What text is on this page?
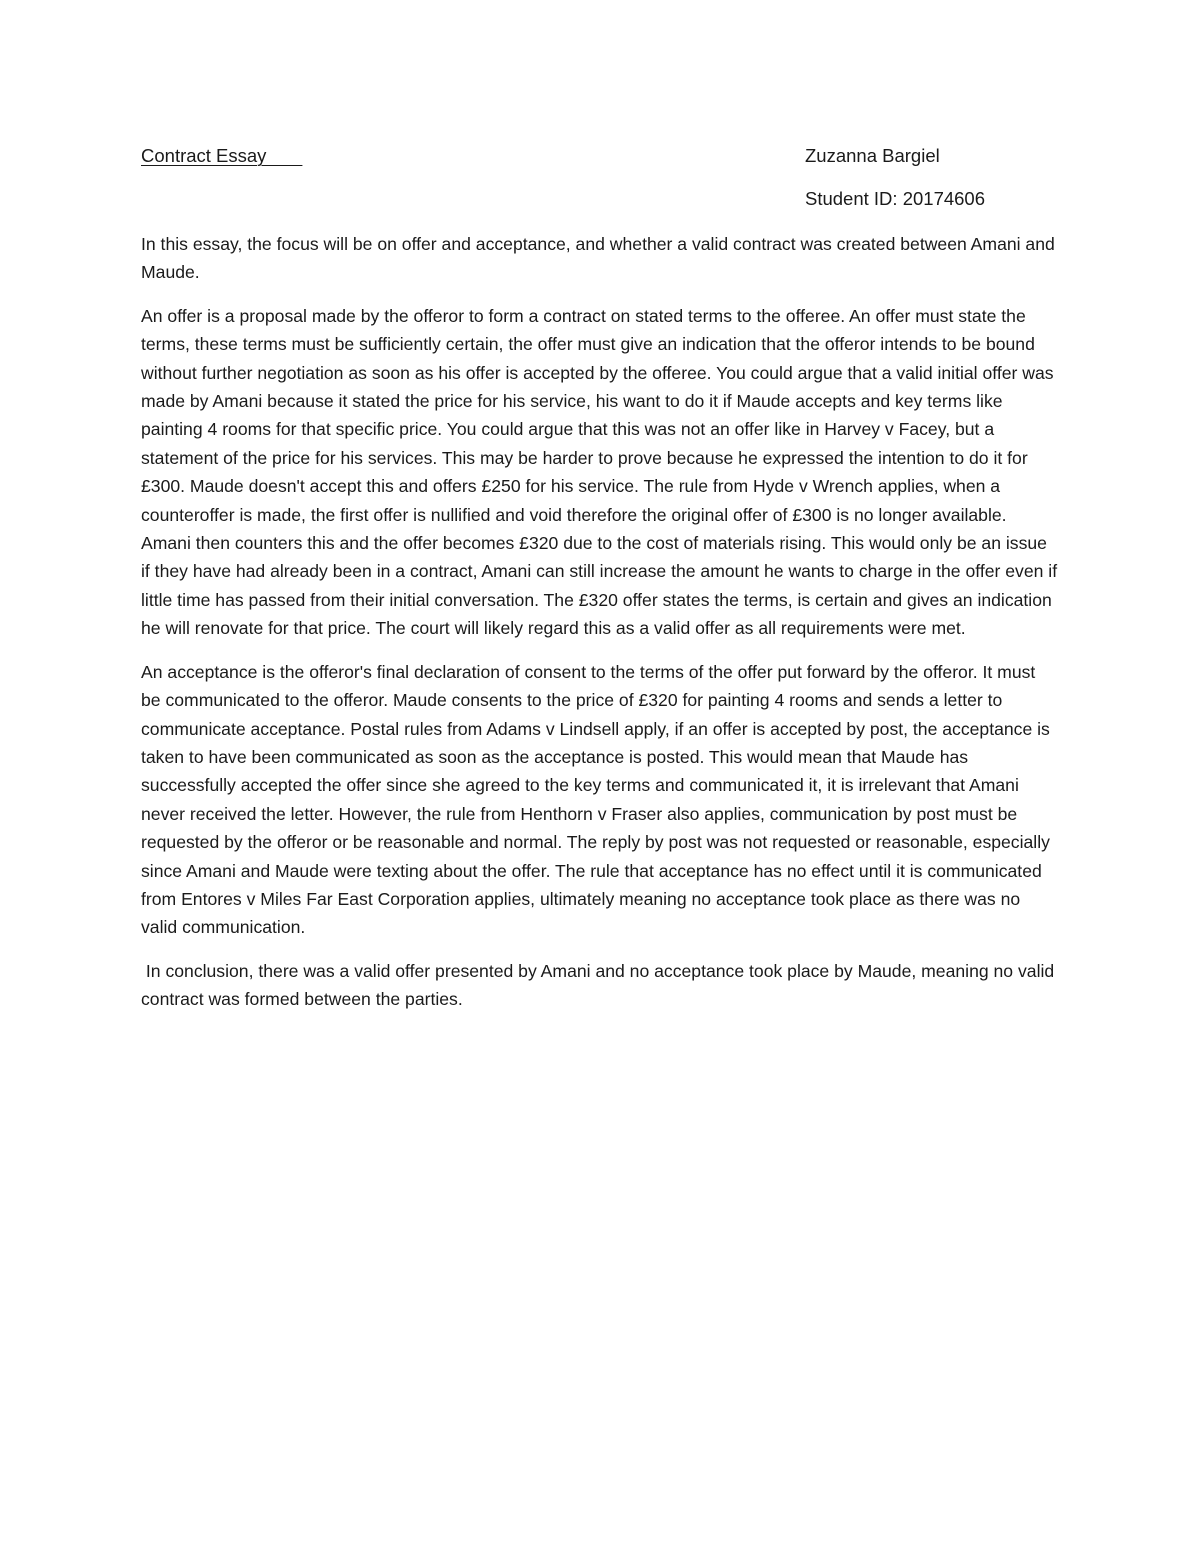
Contract Essay	Zuzanna Bargiel
Student ID: 20174606

In this essay, the focus will be on offer and acceptance, and whether a valid contract was created between Amani and Maude.

An offer is a proposal made by the offeror to form a contract on stated terms to the offeree. An offer must state the terms, these terms must be sufficiently certain, the offer must give an indication that the offeror intends to be bound without further negotiation as soon as his offer is accepted by the offeree. You could argue that a valid initial offer was made by Amani because it stated the price for his service, his want to do it if Maude accepts and key terms like painting 4 rooms for that specific price. You could argue that this was not an offer like in Harvey v Facey, but a statement of the price for his services. This may be harder to prove because he expressed the intention to do it for £300. Maude doesn't accept this and offers £250 for his service. The rule from Hyde v Wrench applies, when a counteroffer is made, the first offer is nullified and void therefore the original offer of £300 is no longer available. Amani then counters this and the offer becomes £320 due to the cost of materials rising. This would only be an issue if they have had already been in a contract, Amani can still increase the amount he wants to charge in the offer even if little time has passed from their initial conversation. The £320 offer states the terms, is certain and gives an indication he will renovate for that price. The court will likely regard this as a valid offer as all requirements were met.

An acceptance is the offeror's final declaration of consent to the terms of the offer put forward by the offeror. It must be communicated to the offeror. Maude consents to the price of £320 for painting 4 rooms and sends a letter to communicate acceptance. Postal rules from Adams v Lindsell apply, if an offer is accepted by post, the acceptance is taken to have been communicated as soon as the acceptance is posted. This would mean that Maude has successfully accepted the offer since she agreed to the key terms and communicated it, it is irrelevant that Amani never received the letter. However, the rule from Henthorn v Fraser also applies, communication by post must be requested by the offeror or be reasonable and normal. The reply by post was not requested or reasonable, especially since Amani and Maude were texting about the offer. The rule that acceptance has no effect until it is communicated from Entores v Miles Far East Corporation applies, ultimately meaning no acceptance took place as there was no valid communication.

In conclusion, there was a valid offer presented by Amani and no acceptance took place by Maude, meaning no valid contract was formed between the parties.
